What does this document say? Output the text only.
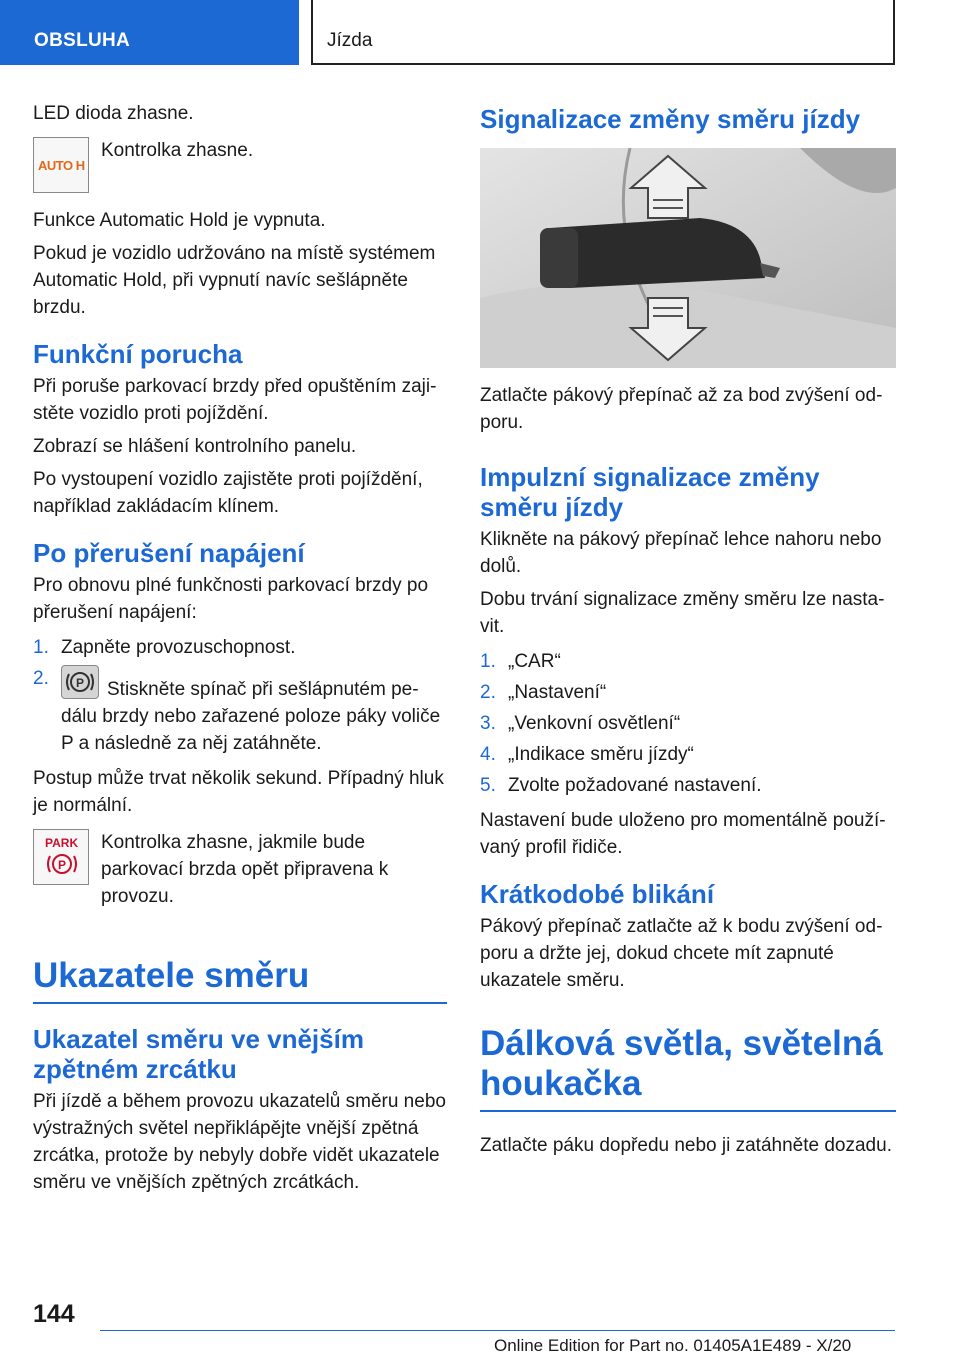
OBSLUHA	Jízda

LED dioda zhasne.

AUTO H

Kontrolka zhasne.

Funkce Automatic Hold je vypnuta.

Pokud je vozidlo udržováno na místě systémem Automatic Hold, při vypnutí navíc sešlápněte brzdu.

Funkční porucha

Při poruše parkovací brzdy před opuštěním zajistěte vozidlo proti pojíždění.

Zobrazí se hlášení kontrolního panelu.

Po vystoupení vozidlo zajistěte proti pojíždění, například zakládacím klínem.

Po přerušení napájení

Pro obnovu plné funkčnosti parkovací brzdy po přerušení napájení:

1. Zapněte provozuschopnost.
2.	P Stiskněte spínač při sešlápnutém pedálu brzdy nebo zařazené poloze páky voliče P a následně za něj zatáhněte.

Postup může trvat několik sekund. Případný hluk je normální.

PARK
P

Kontrolka zhasne, jakmile bude parkovací brzda opět připravena k provozu.

Ukazatele směru
Ukazatel směru ve vnějším zpětném zrcátku

Při jízdě a během provozu ukazatelů směru nebo výstražných světel nepřiklápějte vnější zpětná zrcátka, protože by nebyly dobře vidět ukazatele směru ve vnějších zpětných zrcátkách.

Signalizace změny směru jízdy

Zatlačte pákový přepínač až za bod zvýšení odporu.

Impulzní signalizace změny směru jízdy

Klikněte na pákový přepínač lehce nahoru nebo dolů.

Dobu trvání signalizace změny směru lze nastavit.

1. „CAR“
2. „Nastavení“
3. „Venkovní osvětlení“
4. „Indikace směru jízdy“
5. Zvolte požadované nastavení.

Nastavení bude uloženo pro momentálně používaný profil řidiče.

Krátkodobé blikání

Pákový přepínač zatlačte až k bodu zvýšení odporu a držte jej, dokud chcete mít zapnuté ukazatele směru.

Dálková světla, světelná houkačka

Zatlačte páku dopředu nebo ji zatáhněte dozadu.

144
Online Edition for Part no. 01405A1E489 - X/20
